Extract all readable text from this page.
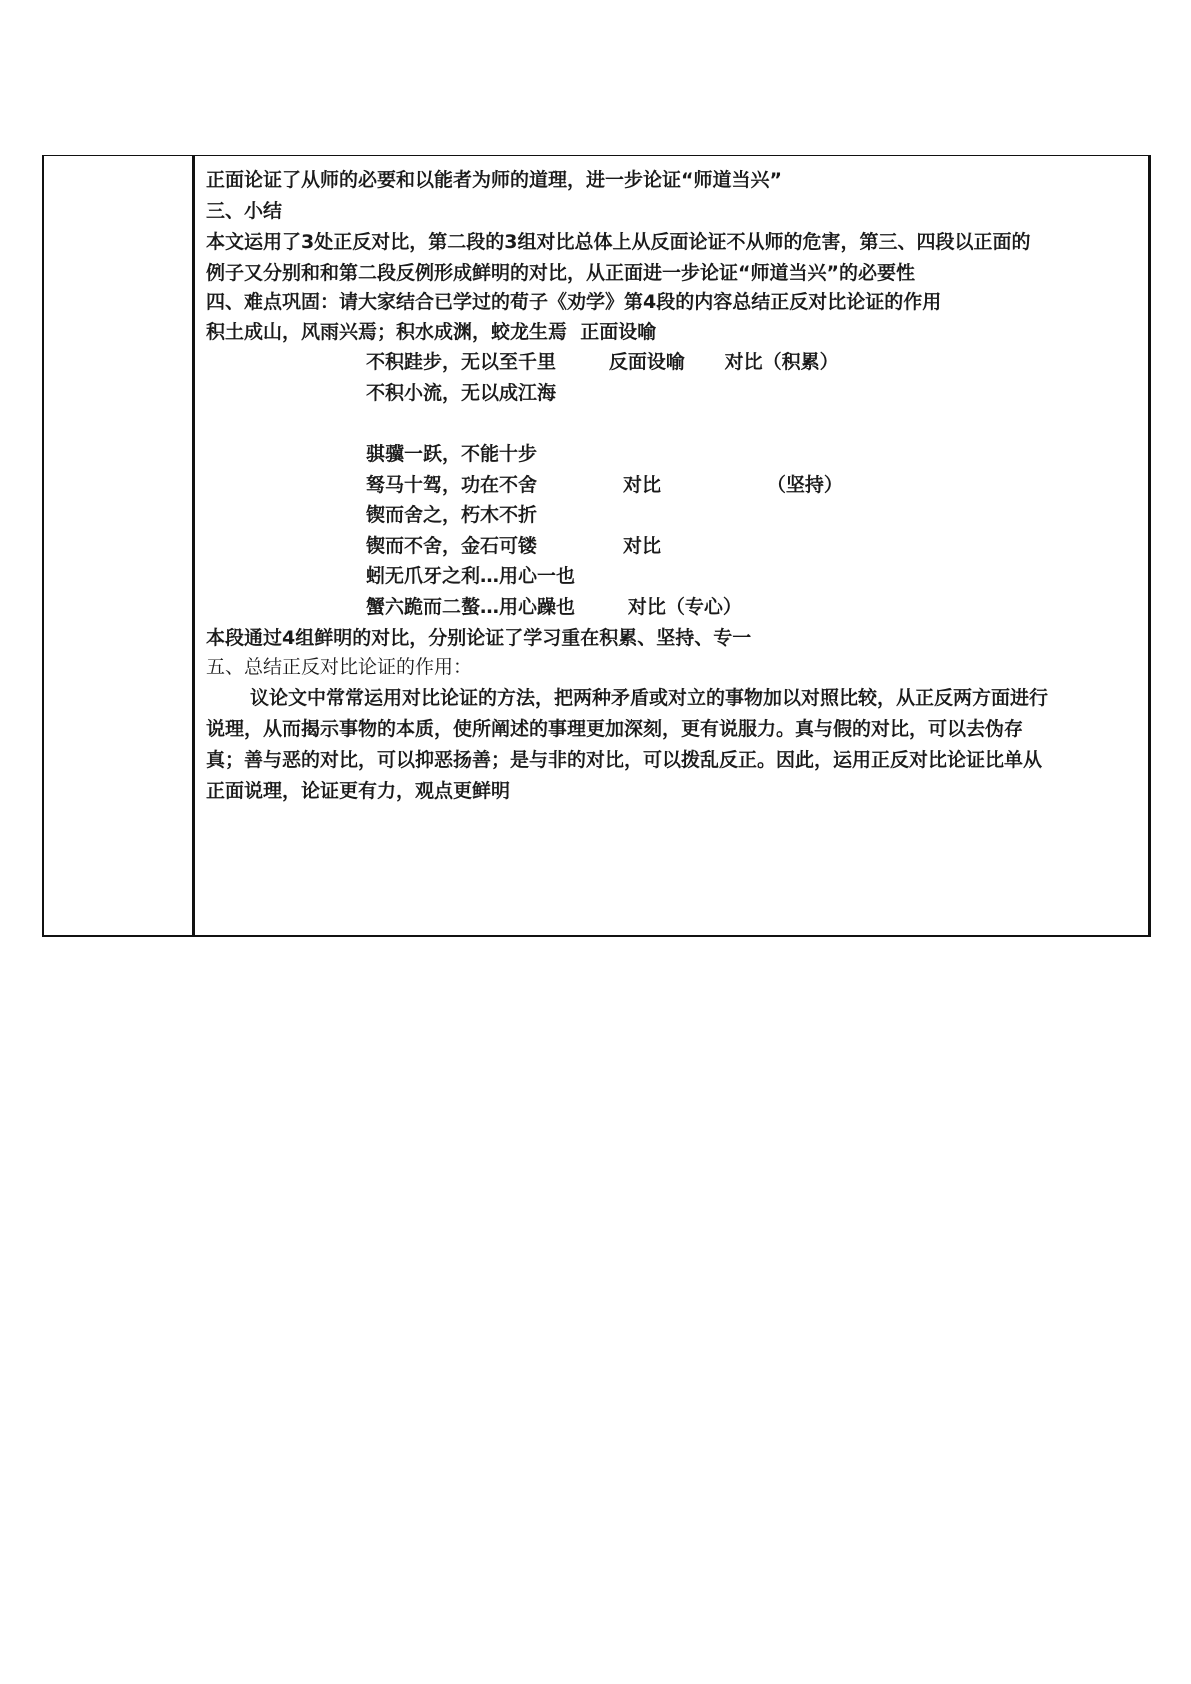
正面论证了从师的必要和以能者为师的道理，进一步论证“师道当兴”
三、小结
本文运用了3处正反对比，第二段的3组对比总体上从反面论证不从师的危害，第三、四段以正面的
例子又分别和和第二段反例形成鲜明的对比，从正面进一步论证“师道当兴”的必要性
四、难点巩固：请大家结合已学过的荀子《劝学》第4段的内容总结正反对比论证的作用
积土成山，风雨兴焉；积水成渊，蛟龙生焉  正面设喻
不积跬步，无以至千里        反面设喻      对比（积累）
不积小流，无以成江海
骐骥一跃，不能十步
驽马十驾，功在不舍             对比                （坚持）
锲而舍之，朽木不折
锲而不舍，金石可镂             对比
蚓无爪牙之利…用心一也
蟹六跪而二螯…用心躁也        对比（专心）
本段通过4组鲜明的对比，分别论证了学习重在积累、坚持、专一
五、总结正反对比论证的作用：
议论文中常常运用对比论证的方法，把两种矛盾或对立的事物加以对照比较，从正反两方面进行
说理，从而揭示事物的本质，使所阐述的事理更加深刻，更有说服力。真与假的对比，可以去伪存
真；善与恶的对比，可以抑恶扬善；是与非的对比，可以拨乱反正。因此，运用正反对比论证比单从
正面说理，论证更有力，观点更鲜明
